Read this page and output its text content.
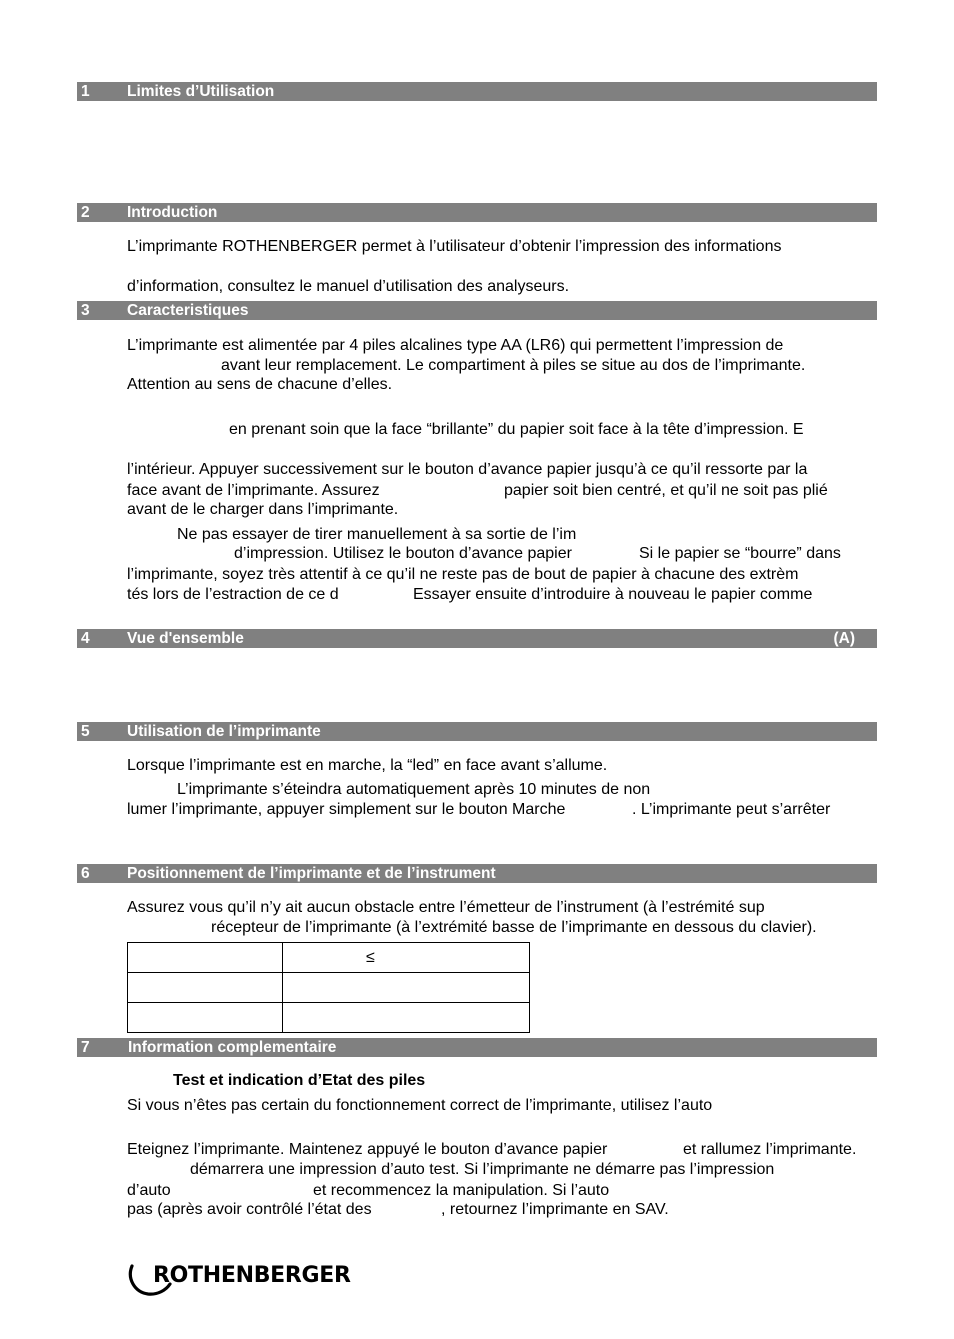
1 Limites d’Utilisation
2 Introduction
3 Caracteristiques
4 Vue d'ensemble	(A)
5 Utilisation de l’imprimante
6 Positionnement de l’imprimante et de l’instrument
7 Information complementaire
L’imprimante ROTHENBERGER permet à l’utilisateur d’obtenir l’impression des informations
d’information, consultez le manuel d’utilisation des analyseurs.
L’imprimante est alimentée par 4 piles alcalines type AA (LR6) qui permettent l’impression de
avant leur remplacement. Le compartiment à piles se situe au dos de l’imprimante.
Attention au sens de chacune d’elles.
en prenant soin que la face “brillante” du papier soit face à la tête d’impression. E
l’intérieur. Appuyer successivement sur le bouton d’avance papier jusqu’à ce qu’il ressorte par la
face avant de l’imprimante. Assurez	papier soit bien centré, et qu’il ne soit pas plié
avant de le charger dans l’imprimante.
Ne pas essayer de tirer manuellement à sa sortie de l’im
d’impression. Utilisez le bouton d’avance papier	Si le papier se “bourre” dans
l’imprimante, soyez très attentif à ce qu’il ne reste pas de bout de papier à chacune des extrèm
tés lors de l’estraction de ce d	Essayer ensuite d’introduire à nouveau le papier comme
Lorsque l’imprimante est en marche, la “led” en face avant s’allume.
L’imprimante s’éteindra automatiquement après 10 minutes de non
lumer l’imprimante, appuyer simplement sur le bouton Marche	. L’imprimante peut s’arrêter
Assurez vous qu’il n’y ait aucun obstacle entre l’émetteur de l’instrument (à l’estrémité sup
récepteur de l’imprimante (à l’extrémité basse de l’imprimante en dessous du clavier).
	≤

Test et indication d’Etat des piles
Si vous n’êtes pas certain du fonctionnement correct de l’imprimante, utilisez l’auto
Eteignez l’imprimante. Maintenez appuyé le bouton d’avance papier	et rallumez l’imprimante.
démarrera une impression d’auto test. Si l’imprimante ne démarre pas l’impression
d’auto	et recommencez la manipulation. Si l’auto
pas (après avoir contrôlé l’état des	, retournez l’imprimante en SAV.
ROTHENBERGER
